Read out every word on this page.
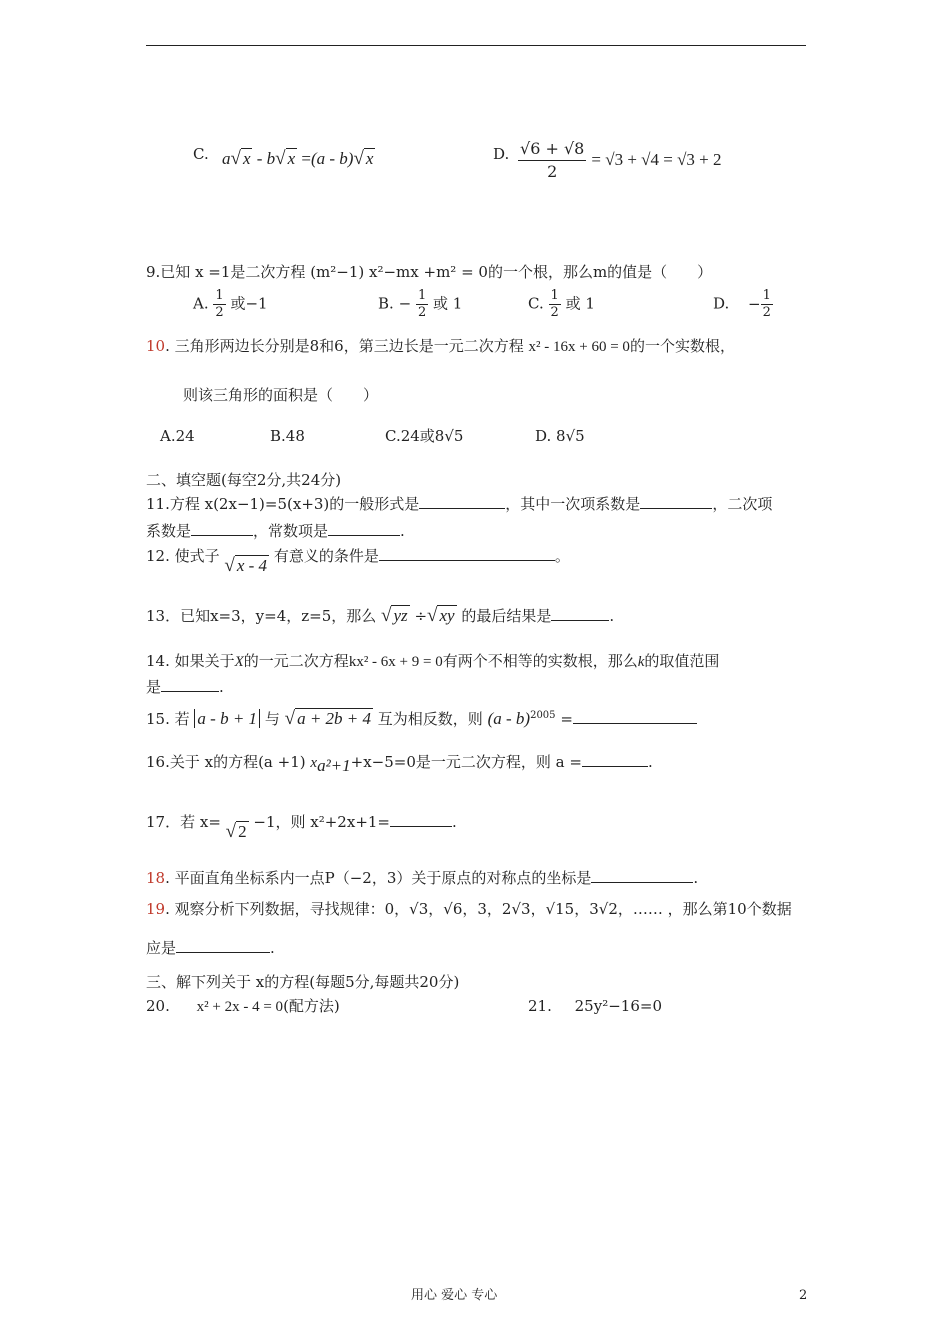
C. a√ x - b√ x =(a - b)√ x	D. $\frac{√6 + √8}{2} = √3 + √4 = √3 + 2$
9.已知 x =1是二次方程 (m²−1) x²−mx +m² = 0的一个根，那么m的值是（　　）
A. $\frac{1}{2}$ 或−1	B. − $\frac{1}{2}$ 或 1	C. $\frac{1}{2}$ 或 1	D. − $\frac{1}{2}$
10. 三角形两边长分别是8和6，第三边长是一元二次方程 x² - 16x + 60 = 0的一个实数根，
则该三角形的面积是（　　）
A.24	B.48	C.24或8√5	D. 8√5
二、填空题(每空2分,共24分)
11.方程 x(2x−1)=5(x+3)的一般形式是	，其中一次项系数是	，二次项
系数是	，常数项是	.
12. 使式子 √ x - 4 有意义的条件是	。
13．已知x=3，y=4，z=5，那么 √ yz ÷√ xy 的最后结果是	.
14. 如果关于X的一元二次方程kx² - 6x + 9 = 0有两个不相等的实数根，那么k的取值范围
是	.
15. 若 a - b + 1 与 √ a + 2b + 4 互为相反数，则 (a - b)$^{2005}$ =
16.关于 x的方程(a +1) $x_{a^2+1}+x-5=0$是一元二次方程，则 a =	.
17．若 x= √ 2 −1，则 x²+2x+1=	.
18. 平面直角坐标系内一点P（−2，3）关于原点的对称点的坐标是	.
19. 观察分析下列数据，寻找规律：0，√3，√6，3，2√3，√15，3√2，…… ，那么第10个数据
应是	.
三、解下列关于 x的方程(每题5分,每题共20分)
20. x² + 2x - 4 = 0(配方法)	21. 25y²−16=0
用心 爱心 专心	2
